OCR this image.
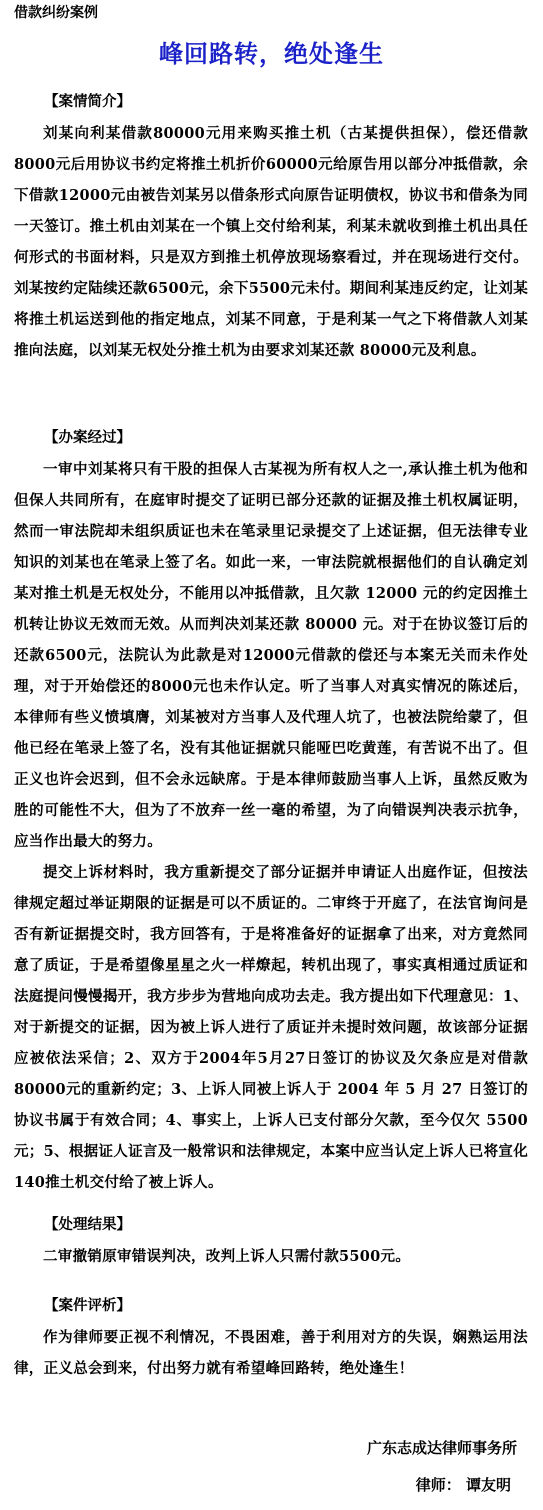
借款纠纷案例
峰回路转，绝处逢生

【案情简介】

刘某向利某借款80000元用来购买推土机（古某提供担保），偿还借款8000元后用协议书约定将推土机折价60000元给原告用以部分冲抵借款，余下借款12000元由被告刘某另以借条形式向原告证明债权，协议书和借条为同一天签订。推土机由刘某在一个镇上交付给利某，利某未就收到推土机出具任何形式的书面材料，只是双方到推土机停放现场察看过，并在现场进行交付。刘某按约定陆续还款6500元，余下5500元未付。期间利某违反约定，让刘某将推土机运送到他的指定地点，刘某不同意，于是利某一气之下将借款人刘某推向法庭，以刘某无权处分推土机为由要求刘某还款 80000元及利息。

【办案经过】

一审中刘某将只有干股的担保人古某视为所有权人之一,承认推土机为他和但保人共同所有，在庭审时提交了证明已部分还款的证据及推土机权属证明，然而一审法院却未组织质证也未在笔录里记录提交了上述证据，但无法律专业知识的刘某也在笔录上签了名。如此一来，一审法院就根据他们的自认确定刘某对推土机是无权处分，不能用以冲抵借款，且欠款 12000 元的约定因推土机转让协议无效而无效。从而判决刘某还款 80000 元。对于在协议签订后的还款6500元，法院认为此款是对12000元借款的偿还与本案无关而未作处理，对于开始偿还的8000元也未作认定。听了当事人对真实情况的陈述后，本律师有些义愤填膺，刘某被对方当事人及代理人坑了，也被法院给蒙了，但他已经在笔录上签了名，没有其他证据就只能哑巴吃黄莲，有苦说不出了。但正义也许会迟到，但不会永远缺席。于是本律师鼓励当事人上诉，虽然反败为胜的可能性不大，但为了不放弃一丝一毫的希望，为了向错误判决表示抗争，应当作出最大的努力。

提交上诉材料时，我方重新提交了部分证据并申请证人出庭作证，但按法律规定超过举证期限的证据是可以不质证的。二审终于开庭了，在法官询问是否有新证据提交时，我方回答有，于是将准备好的证据拿了出来，对方竟然同意了质证，于是希望像星星之火一样燎起，转机出现了，事实真相通过质证和法庭提问慢慢揭开，我方步步为营地向成功去走。我方提出如下代理意见：1、对于新提交的证据，因为被上诉人进行了质证并未提时效问题，故该部分证据应被依法采信；2、双方于2004年5月27日签订的协议及欠条应是对借款80000元的重新约定；3、上诉人同被上诉人于 2004 年 5 月 27 日签订的协议书属于有效合同；4、事实上，上诉人已支付部分欠款，至今仅欠 5500 元；5、根据证人证言及一般常识和法律规定，本案中应当认定上诉人已将宣化140推土机交付给了被上诉人。

【处理结果】

二审撤销原审错误判决，改判上诉人只需付款5500元。

【案件评析】

作为律师要正视不利情况，不畏困难，善于利用对方的失误，娴熟运用法律，正义总会到来，付出努力就有希望峰回路转，绝处逢生！

广东志成达律师事务所
律师： 谭友明
